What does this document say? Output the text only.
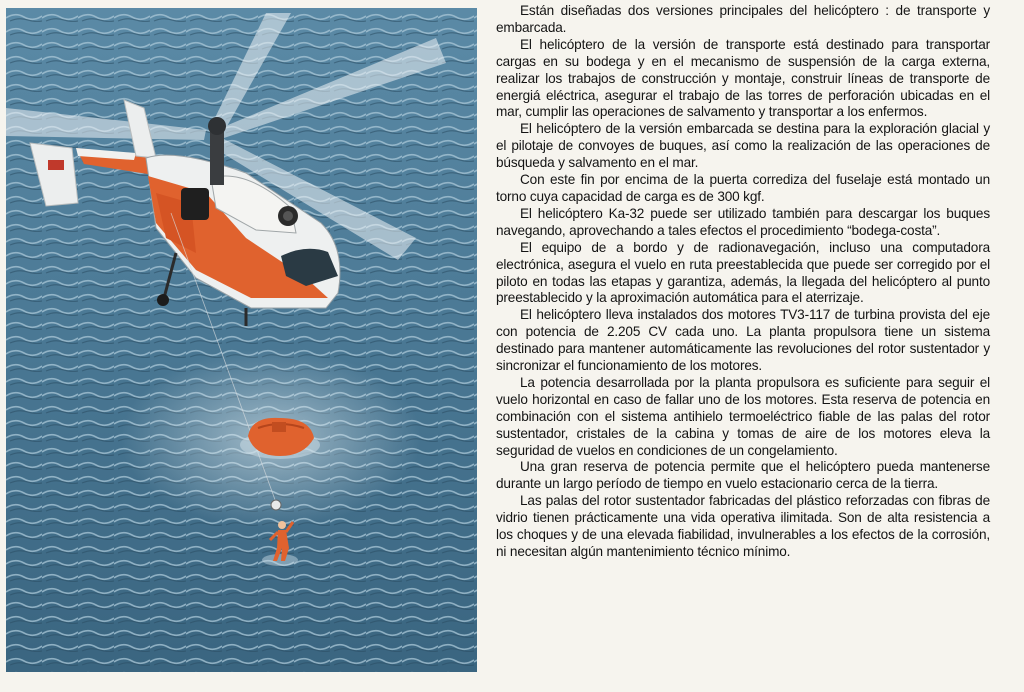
Están diseñadas dos versiones principales del helicóptero : de transporte y embarcada.

El helicóptero de la versión de transporte está destinado para transportar cargas en su bodega y en el mecanismo de suspensión de la carga externa, realizar los trabajos de construcción y montaje, construir líneas de transporte de energiá eléctrica, asegurar el trabajo de las torres de perforación ubicadas en el mar, cumplir las operaciones de salvamento y transportar a los enfermos.

El helicóptero de la versión embarcada se destina para la exploración glacial y el pilotaje de convoyes de buques, así como la realización de las operaciones de búsqueda y salvamento en el mar.

Con este fin por encima de la puerta corrediza del fuselaje está montado un torno cuya capacidad de carga es de 300 kgf.

El helicóptero Ka-32 puede ser utilizado también para descargar los buques navegando, aprovechando a tales efectos el procedimiento “bodega-costa”.

El equipo de a bordo y de radionavegación, incluso una computadora electrónica, asegura el vuelo en ruta preestablecida que puede ser corregido por el piloto en todas las etapas y garantiza, además, la llegada del helicóptero al punto preestablecido y la aproximación automática para el aterrizaje.

El helicóptero lleva instalados dos motores TV3-117 de turbina provista del eje con potencia de 2.205 CV cada uno. La planta propulsora tiene un sistema destinado para mantener automáticamente las revoluciones del rotor sustentador y sincronizar el funcionamiento de los motores.

La potencia desarrollada por la planta propulsora es suficiente para seguir el vuelo horizontal en caso de fallar uno de los motores. Esta reserva de potencia en combinación con el sistema antihielo termoeléctrico fiable de las palas del rotor sustentador, cristales de la cabina y tomas de aire de los motores eleva la seguridad de vuelos en condiciones de un congelamiento.

Una gran reserva de potencia permite que el helicóptero pueda mantenerse durante un largo período de tiempo en vuelo estacionario cerca de la tierra.

Las palas del rotor sustentador fabricadas del plástico reforzadas con fibras de vidrio tienen prácticamente una vida operativa ilimitada. Son de alta resistencia a los choques y de una elevada fiabilidad, invulnerables a los efectos de la corrosión, ni necesitan algún mantenimiento técnico mínimo.
